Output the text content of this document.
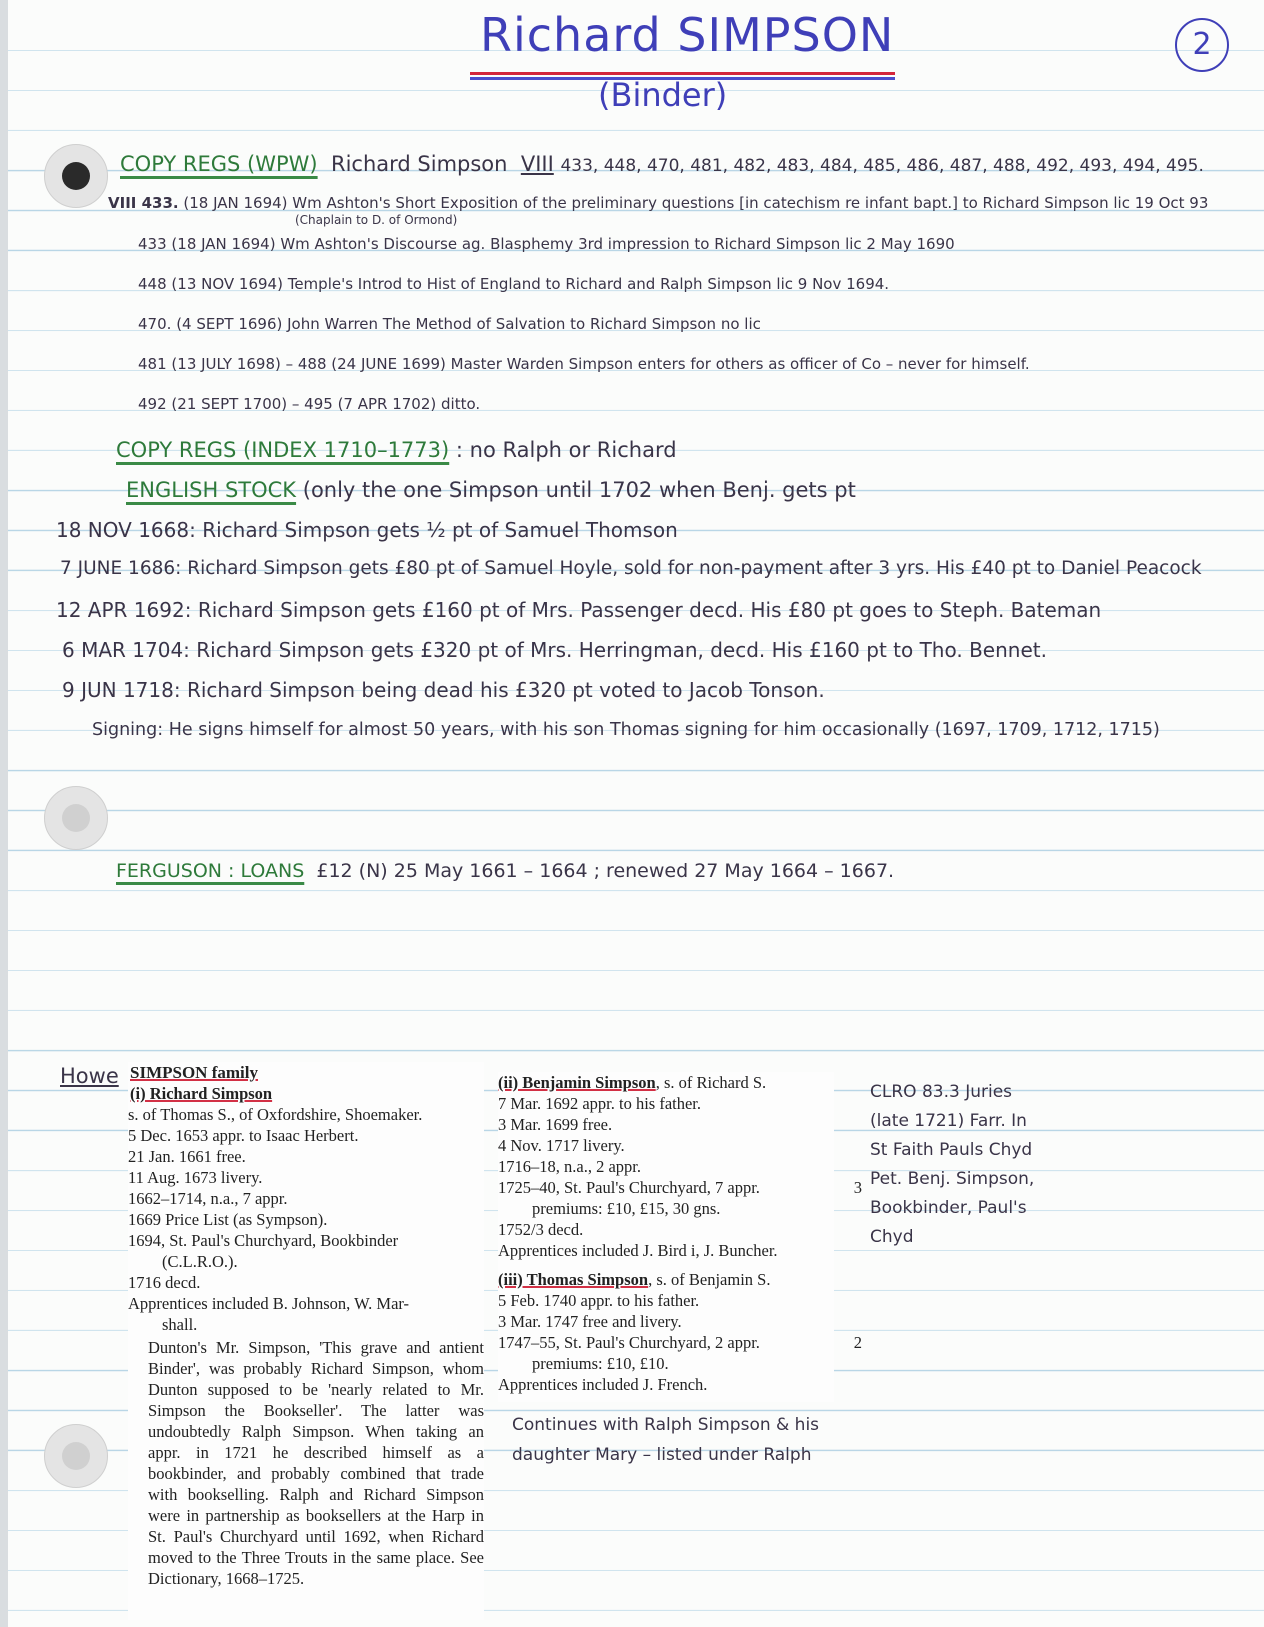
Richard SIMPSON
(Binder)
2
COPY REGS (WPW) Richard Simpson VIII 433, 448, 470, 481, 482, 483, 484, 485, 486, 487, 488, 492, 493, 494, 495.
VIII 433. (18 JAN 1694) Wm Ashton's Short Exposition of the preliminary questions [in catechism re infant bapt.] to Richard Simpson lic 19 Oct 93
(Chaplain to D. of Ormond)
433 (18 JAN 1694) Wm Ashton's Discourse ag. Blasphemy 3rd impression to Richard Simpson lic 2 May 1690
448 (13 NOV 1694) Temple's Introd to Hist of England to Richard and Ralph Simpson lic 9 Nov 1694.
470. (4 SEPT 1696) John Warren The Method of Salvation to Richard Simpson no lic
481 (13 JULY 1698) – 488 (24 JUNE 1699) Master Warden Simpson enters for others as officer of Co – never for himself.
492 (21 SEPT 1700) – 495 (7 APR 1702) ditto.
COPY REGS (INDEX 1710–1773) : no Ralph or Richard
ENGLISH STOCK (only the one Simpson until 1702 when Benj. gets pt
18 NOV 1668: Richard Simpson gets ½ pt of Samuel Thomson
7 JUNE 1686: Richard Simpson gets £80 pt of Samuel Hoyle, sold for non-payment after 3 yrs. His £40 pt to Daniel Peacock
12 APR 1692: Richard Simpson gets £160 pt of Mrs. Passenger decd. His £80 pt goes to Steph. Bateman
6 MAR 1704: Richard Simpson gets £320 pt of Mrs. Herringman, decd. His £160 pt to Tho. Bennet.
9 JUN 1718: Richard Simpson being dead his £320 pt voted to Jacob Tonson.
Signing: He signs himself for almost 50 years, with his son Thomas signing for him occasionally (1697, 1709, 1712, 1715)
FERGUSON : LOANS £12 (N) 25 May 1661 – 1664 ; renewed 27 May 1664 – 1667.
Howe SIMPSON family
(i) Richard Simpson
s. of Thomas S., of Oxfordshire, Shoemaker.
5 Dec. 1653 appr. to Isaac Herbert.
21 Jan. 1661 free.
11 Aug. 1673 livery.
1662–1714, n.a., 7 appr.
1669 Price List (as Sympson).
1694, St. Paul's Churchyard, Bookbinder
(C.L.R.O.).
1716 decd.
Apprentices included B. Johnson, W. Mar-
shall.
Dunton's Mr. Simpson, 'This grave and antient Binder', was probably Richard Simpson, whom Dunton supposed to be 'nearly related to Mr. Simpson the Bookseller'. The latter was undoubtedly Ralph Simpson. When taking an appr. in 1721 he described himself as a bookbinder, and probably combined that trade with bookselling. Ralph and Richard Simpson were in partnership as booksellers at the Harp in St. Paul's Churchyard until 1692, when Richard moved to the Three Trouts in the same place. See Dictionary, 1668–1725.
(ii) Benjamin Simpson, s. of Richard S.
7 Mar. 1692 appr. to his father.
3 Mar. 1699 free.
4 Nov. 1717 livery.
1716–18, n.a., 2 appr.
1725–40, St. Paul's Churchyard, 7 appr.	3
premiums: £10, £15, 30 gns.
1752/3 decd.
Apprentices included J. Bird i, J. Buncher.
(iii) Thomas Simpson, s. of Benjamin S.
5 Feb. 1740 appr. to his father.
3 Mar. 1747 free and livery.
1747–55, St. Paul's Churchyard, 2 appr.	2
premiums: £10, £10.
Apprentices included J. French.
Continues with Ralph Simpson & his daughter Mary – listed under Ralph
CLRO 83.3 Juries
(late 1721) Farr. In
St Faith Pauls Chyd
Pet. Benj. Simpson,
Bookbinder, Paul's
Chyd
